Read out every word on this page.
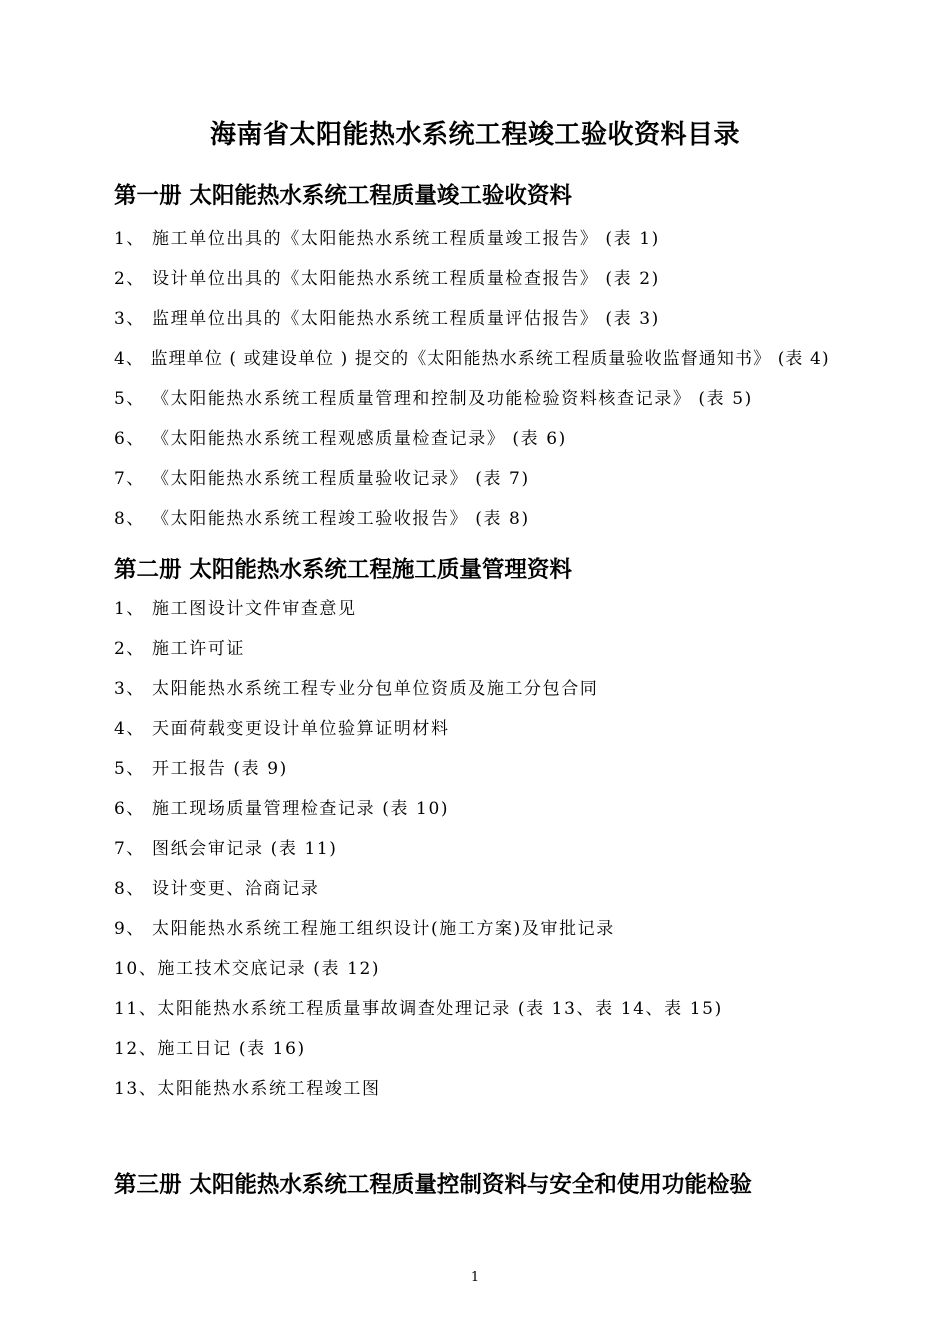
海南省太阳能热水系统工程竣工验收资料目录
第一册 太阳能热水系统工程质量竣工验收资料
1、 施工单位出具的《太阳能热水系统工程质量竣工报告》 (表 1)
2、 设计单位出具的《太阳能热水系统工程质量检查报告》 (表 2)
3、 监理单位出具的《太阳能热水系统工程质量评估报告》 (表 3)
4、 监理单位 ( 或建设单位 ) 提交的《太阳能热水系统工程质量验收监督通知书》 (表 4)
5、 《太阳能热水系统工程质量管理和控制及功能检验资料核查记录》 (表 5)
6、 《太阳能热水系统工程观感质量检查记录》 (表 6)
7、 《太阳能热水系统工程质量验收记录》 (表 7)
8、 《太阳能热水系统工程竣工验收报告》 (表 8)
第二册 太阳能热水系统工程施工质量管理资料
1、 施工图设计文件审查意见
2、 施工许可证
3、 太阳能热水系统工程专业分包单位资质及施工分包合同
4、 天面荷载变更设计单位验算证明材料
5、 开工报告 (表 9)
6、 施工现场质量管理检查记录 (表 10)
7、 图纸会审记录 (表 11)
8、 设计变更、洽商记录
9、 太阳能热水系统工程施工组织设计(施工方案)及审批记录
10、施工技术交底记录 (表 12)
11、太阳能热水系统工程质量事故调查处理记录 (表 13、表 14、表 15)
12、施工日记 (表 16)
13、太阳能热水系统工程竣工图
第三册 太阳能热水系统工程质量控制资料与安全和使用功能检验
1
